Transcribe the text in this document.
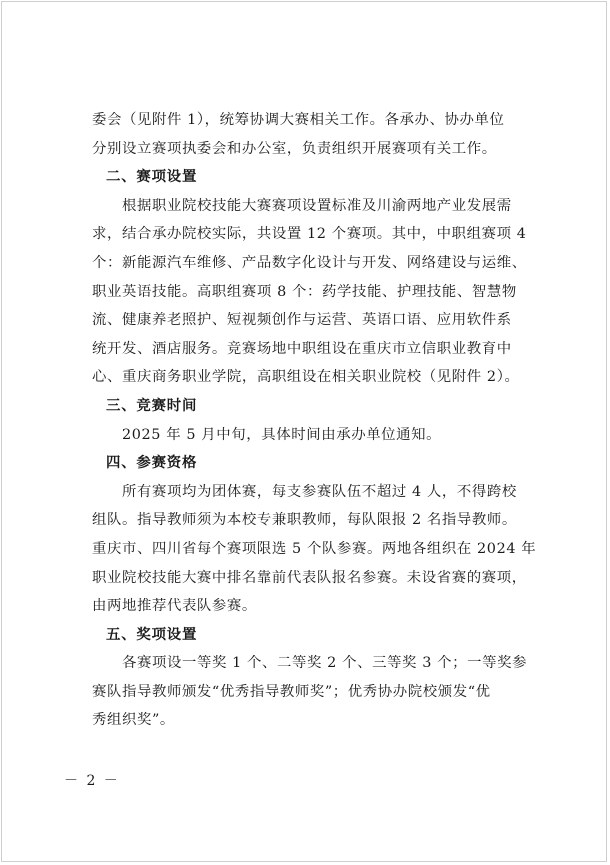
委会（见附件 1），统筹协调大赛相关工作。各承办、协办单位
分别设立赛项执委会和办公室，负责组织开展赛项有关工作。
二、赛项设置
根据职业院校技能大赛赛项设置标准及川渝两地产业发展需
求，结合承办院校实际，共设置 12 个赛项。其中，中职组赛项 4
个：新能源汽车维修、产品数字化设计与开发、网络建设与运维、
职业英语技能。高职组赛项 8 个：药学技能、护理技能、智慧物
流、健康养老照护、短视频创作与运营、英语口语、应用软件系
统开发、酒店服务。竞赛场地中职组设在重庆市立信职业教育中
心、重庆商务职业学院，高职组设在相关职业院校（见附件 2）。
三、竞赛时间
2025 年 5 月中旬，具体时间由承办单位通知。
四、参赛资格
所有赛项均为团体赛，每支参赛队伍不超过 4 人，不得跨校
组队。指导教师须为本校专兼职教师，每队限报 2 名指导教师。
重庆市、四川省每个赛项限选 5 个队参赛。两地各组织在 2024 年
职业院校技能大赛中排名靠前代表队报名参赛。未设省赛的赛项，
由两地推荐代表队参赛。
五、奖项设置
各赛项设一等奖 1 个、二等奖 2 个、三等奖 3 个；一等奖参
赛队指导教师颁发“优秀指导教师奖”；优秀协办院校颁发“优
秀组织奖”。
－ 2 －
